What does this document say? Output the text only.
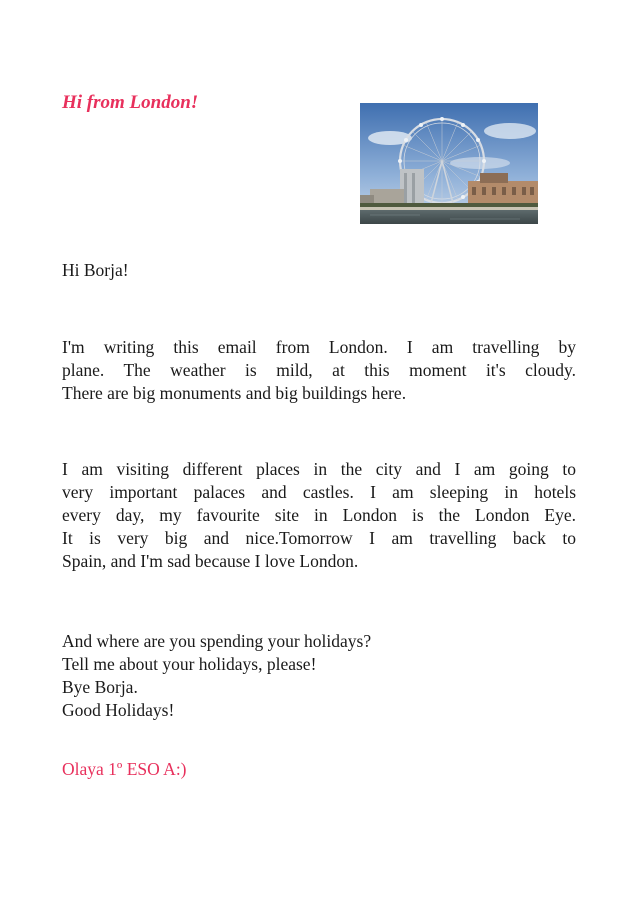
Hi from London!

Hi Borja!

I'm writing this email from London. I am travelling by
plane. The weather is mild, at this moment it's cloudy.
There are big monuments and big buildings here.

I am visiting different places in the city and I am going to
very important palaces and castles. I am sleeping in hotels
every day, my favourite site in London is the London Eye.
It is very big and nice.Tomorrow I am travelling back to
Spain, and I'm sad because I love London.

And where are you spending your holidays?
Tell me about your holidays, please!
Bye Borja.
Good Holidays!

Olaya 1º ESO A:)
